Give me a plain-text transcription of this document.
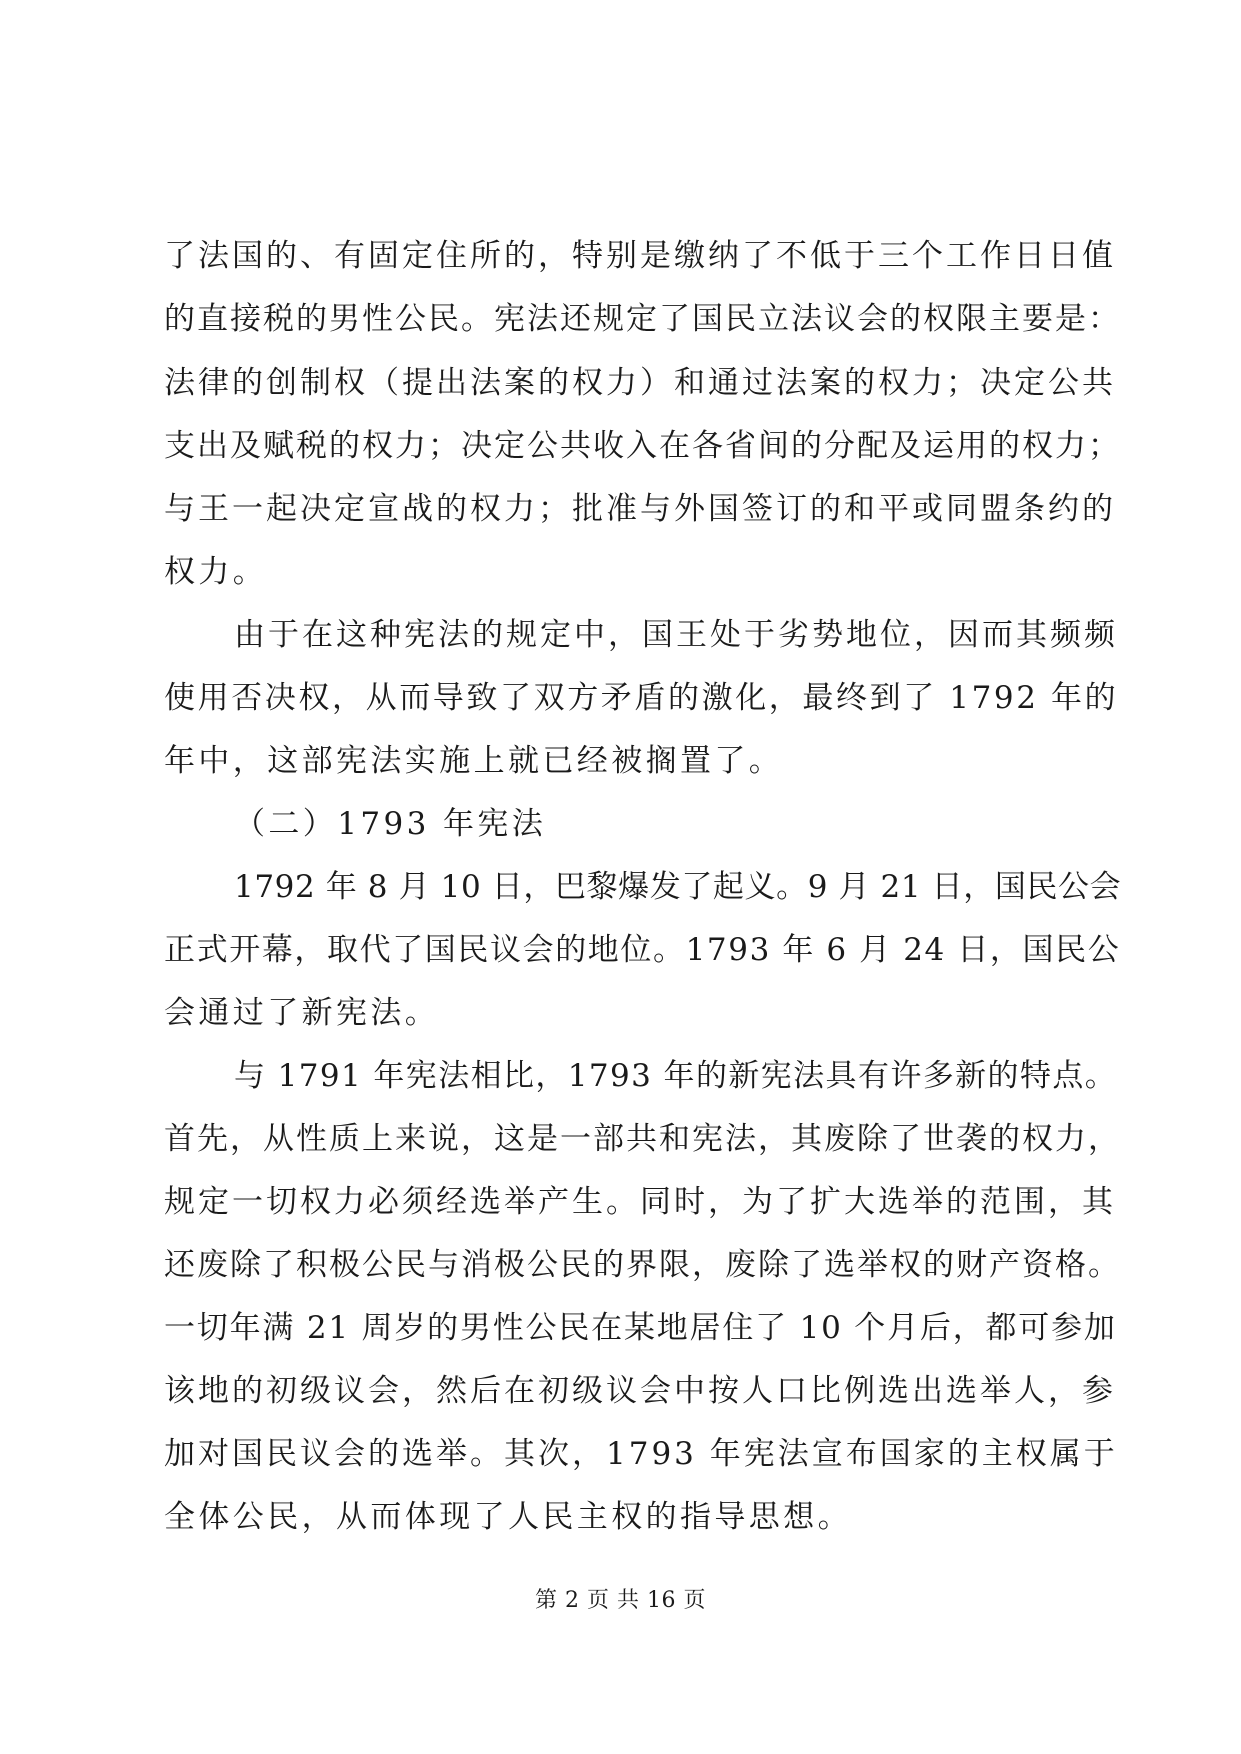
了法国的、有固定住所的，特别是缴纳了不低于三个工作日日值
的直接税的男性公民。宪法还规定了国民立法议会的权限主要是：
法律的创制权（提出法案的权力）和通过法案的权力；决定公共
支出及赋税的权力；决定公共收入在各省间的分配及运用的权力；
与王一起决定宣战的权力；批准与外国签订的和平或同盟条约的
权力。
由于在这种宪法的规定中，国王处于劣势地位，因而其频频
使用否决权，从而导致了双方矛盾的激化，最终到了 1792 年的
年中，这部宪法实施上就已经被搁置了。
（二）1793 年宪法
1792 年 8 月 10 日，巴黎爆发了起义。9 月 21 日，国民公会
正式开幕，取代了国民议会的地位。1793 年 6 月 24 日，国民公
会通过了新宪法。
与 1791 年宪法相比，1793 年的新宪法具有许多新的特点。
首先，从性质上来说，这是一部共和宪法，其废除了世袭的权力，
规定一切权力必须经选举产生。同时，为了扩大选举的范围，其
还废除了积极公民与消极公民的界限，废除了选举权的财产资格。
一切年满 21 周岁的男性公民在某地居住了 10 个月后，都可参加
该地的初级议会，然后在初级议会中按人口比例选出选举人，参
加对国民议会的选举。其次，1793 年宪法宣布国家的主权属于
全体公民，从而体现了人民主权的指导思想。
第 2 页 共 16 页
